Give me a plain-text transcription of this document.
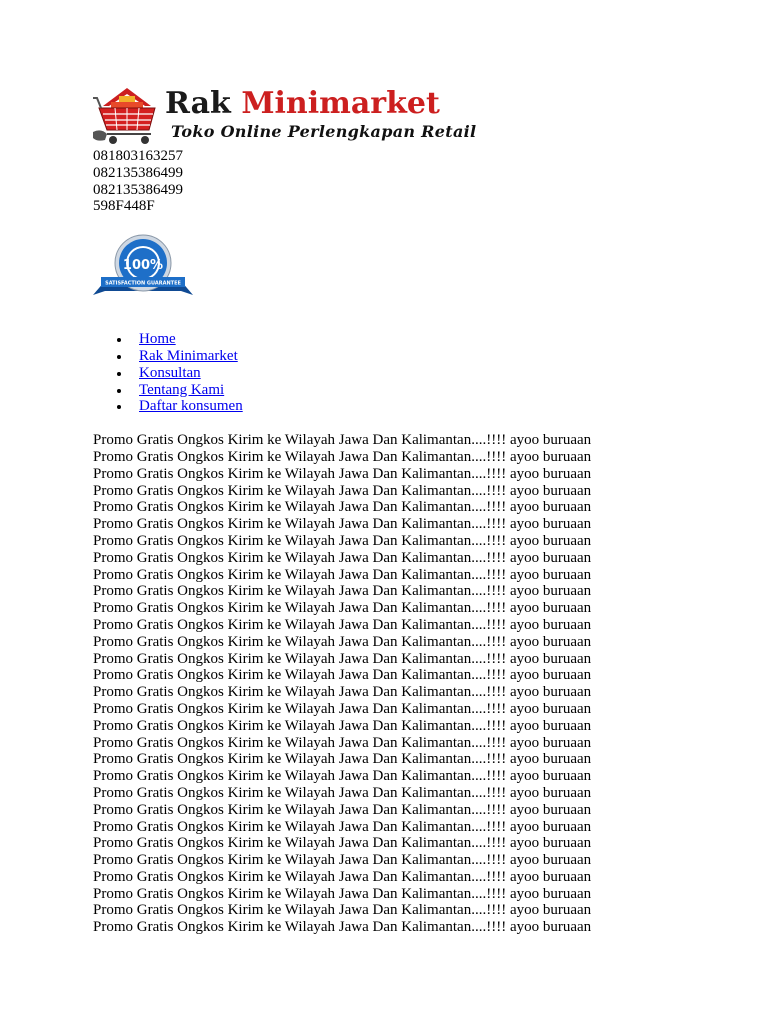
Rak Minimarket
Toko Online Perlengkapan Retail
081803163257
082135386499
082135386499
598F448F
100%
SATISFACTION GUARANTEE
Home
Rak Minimarket
Konsultan
Tentang Kami
Daftar konsumen
Promo Gratis Ongkos Kirim ke Wilayah Jawa Dan Kalimantan....!!!! ayoo buruaan
Promo Gratis Ongkos Kirim ke Wilayah Jawa Dan Kalimantan....!!!! ayoo buruaan
Promo Gratis Ongkos Kirim ke Wilayah Jawa Dan Kalimantan....!!!! ayoo buruaan
Promo Gratis Ongkos Kirim ke Wilayah Jawa Dan Kalimantan....!!!! ayoo buruaan
Promo Gratis Ongkos Kirim ke Wilayah Jawa Dan Kalimantan....!!!! ayoo buruaan
Promo Gratis Ongkos Kirim ke Wilayah Jawa Dan Kalimantan....!!!! ayoo buruaan
Promo Gratis Ongkos Kirim ke Wilayah Jawa Dan Kalimantan....!!!! ayoo buruaan
Promo Gratis Ongkos Kirim ke Wilayah Jawa Dan Kalimantan....!!!! ayoo buruaan
Promo Gratis Ongkos Kirim ke Wilayah Jawa Dan Kalimantan....!!!! ayoo buruaan
Promo Gratis Ongkos Kirim ke Wilayah Jawa Dan Kalimantan....!!!! ayoo buruaan
Promo Gratis Ongkos Kirim ke Wilayah Jawa Dan Kalimantan....!!!! ayoo buruaan
Promo Gratis Ongkos Kirim ke Wilayah Jawa Dan Kalimantan....!!!! ayoo buruaan
Promo Gratis Ongkos Kirim ke Wilayah Jawa Dan Kalimantan....!!!! ayoo buruaan
Promo Gratis Ongkos Kirim ke Wilayah Jawa Dan Kalimantan....!!!! ayoo buruaan
Promo Gratis Ongkos Kirim ke Wilayah Jawa Dan Kalimantan....!!!! ayoo buruaan
Promo Gratis Ongkos Kirim ke Wilayah Jawa Dan Kalimantan....!!!! ayoo buruaan
Promo Gratis Ongkos Kirim ke Wilayah Jawa Dan Kalimantan....!!!! ayoo buruaan
Promo Gratis Ongkos Kirim ke Wilayah Jawa Dan Kalimantan....!!!! ayoo buruaan
Promo Gratis Ongkos Kirim ke Wilayah Jawa Dan Kalimantan....!!!! ayoo buruaan
Promo Gratis Ongkos Kirim ke Wilayah Jawa Dan Kalimantan....!!!! ayoo buruaan
Promo Gratis Ongkos Kirim ke Wilayah Jawa Dan Kalimantan....!!!! ayoo buruaan
Promo Gratis Ongkos Kirim ke Wilayah Jawa Dan Kalimantan....!!!! ayoo buruaan
Promo Gratis Ongkos Kirim ke Wilayah Jawa Dan Kalimantan....!!!! ayoo buruaan
Promo Gratis Ongkos Kirim ke Wilayah Jawa Dan Kalimantan....!!!! ayoo buruaan
Promo Gratis Ongkos Kirim ke Wilayah Jawa Dan Kalimantan....!!!! ayoo buruaan
Promo Gratis Ongkos Kirim ke Wilayah Jawa Dan Kalimantan....!!!! ayoo buruaan
Promo Gratis Ongkos Kirim ke Wilayah Jawa Dan Kalimantan....!!!! ayoo buruaan
Promo Gratis Ongkos Kirim ke Wilayah Jawa Dan Kalimantan....!!!! ayoo buruaan
Promo Gratis Ongkos Kirim ke Wilayah Jawa Dan Kalimantan....!!!! ayoo buruaan
Promo Gratis Ongkos Kirim ke Wilayah Jawa Dan Kalimantan....!!!! ayoo buruaan
